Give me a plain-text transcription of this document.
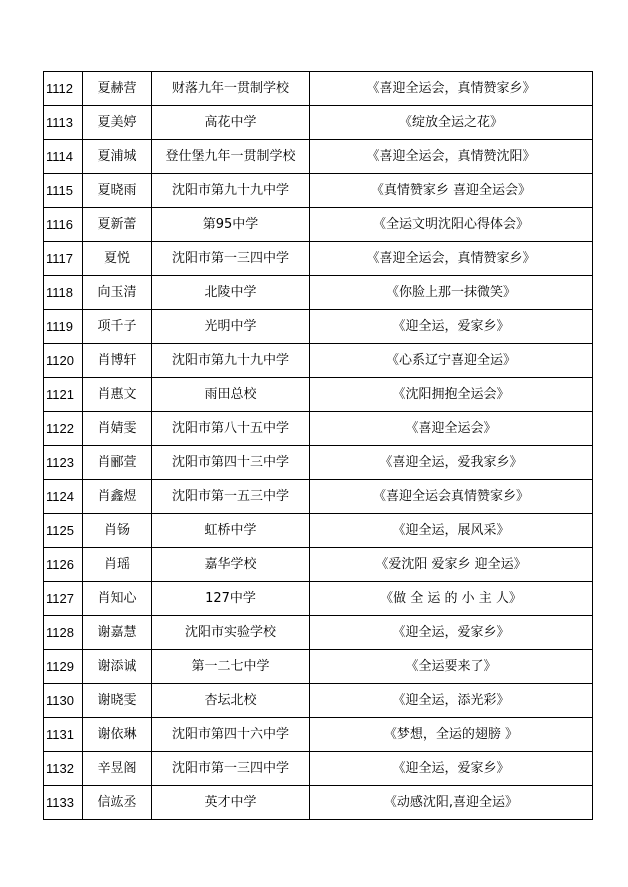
1112	夏赫营	财落九年一贯制学校	《喜迎全运会，真情赞家乡》
1113	夏美婷	高花中学	《绽放全运之花》
1114	夏浦城	登仕堡九年一贯制学校	《喜迎全运会，真情赞沈阳》
1115	夏晓雨	沈阳市第九十九中学	《真情赞家乡 喜迎全运会》
1116	夏新蕾	第95中学	《全运文明沈阳心得体会》
1117	夏悦	沈阳市第一三四中学	《喜迎全运会，真情赞家乡》
1118	向玉清	北陵中学	《你脸上那一抹微笑》
1119	项千子	光明中学	《迎全运，爱家乡》
1120	肖博轩	沈阳市第九十九中学	《心系辽宁喜迎全运》
1121	肖惠文	雨田总校	《沈阳拥抱全运会》
1122	肖婧雯	沈阳市第八十五中学	《喜迎全运会》
1123	肖郦萱	沈阳市第四十三中学	《喜迎全运，爱我家乡》
1124	肖鑫煜	沈阳市第一五三中学	《喜迎全运会真情赞家乡》
1125	肖钖	虹桥中学	《迎全运，展风采》
1126	肖瑶	嘉华学校	《爱沈阳 爱家乡 迎全运》
1127	肖知心	127中学	《做 全 运 的 小 主 人》
1128	谢嘉慧	沈阳市实验学校	《迎全运，爱家乡》
1129	谢添诚	第一二七中学	《全运要来了》
1130	谢晓雯	杏坛北校	《迎全运，添光彩》
1131	谢依琳	沈阳市第四十六中学	《梦想，全运的翅膀 》
1132	辛昱阁	沈阳市第一三四中学	《迎全运，爱家乡》
1133	信竑丞	英才中学	《动感沈阳,喜迎全运》
